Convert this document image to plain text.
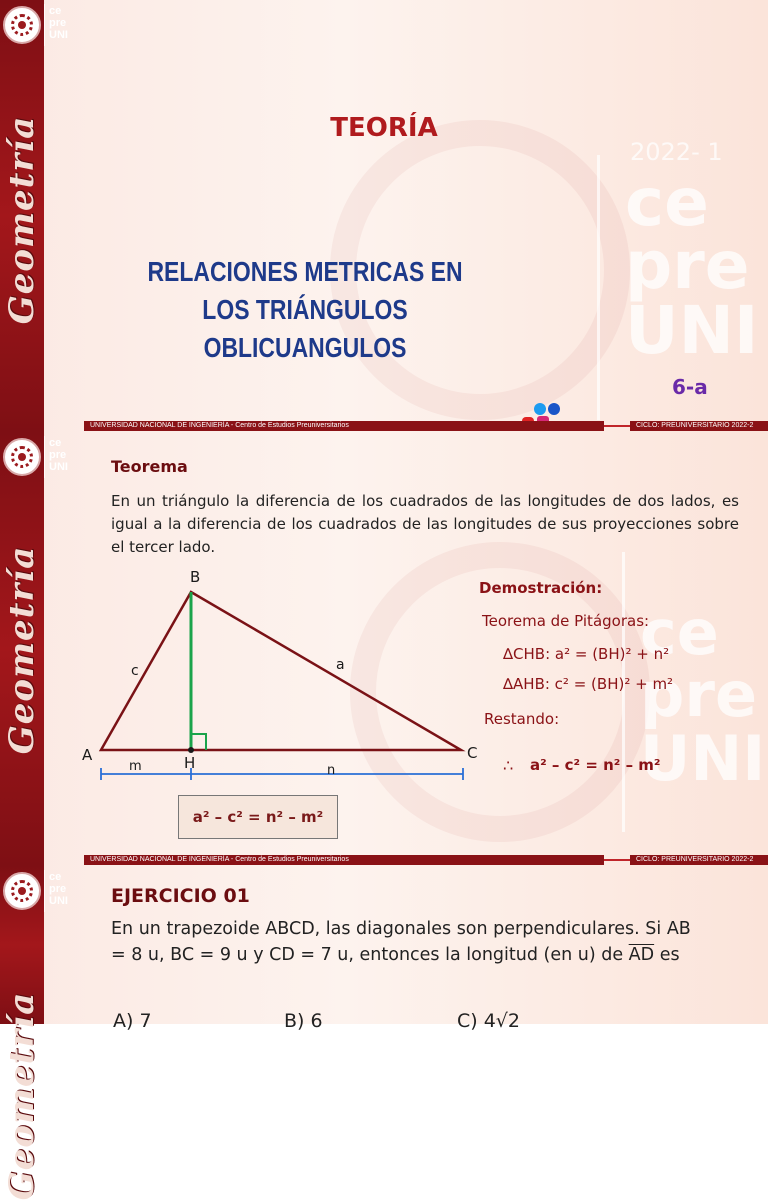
2022- 1
ce
pre
UNI
ce
pre
UNI
Geometría	TEORÍA
RELACIONES METRICAS EN
LOS TRIÁNGULOS
OBLICUANGULOS
6-a
UNIVERSIDAD NACIONAL DE INGENIERÍA - Centro de Estudios Preuniversitarios	CICLO: PREUNIVERSITARIO 2022-2
ce
pre
UNI
ce
pre
UNI
Geometría
Teorema
En un triángulo la diferencia de los cuadrados de las longitudes de dos lados, es igual a la diferencia de los cuadrados de las longitudes de sus proyecciones sobre el tercer lado.
B
A	C
H
c	a
m	n
a² – c² = n² – m²
Demostración:
Teorema de Pitágoras:
∆CHB: a² = (BH)² + n²
∆AHB: c² = (BH)² + m²
Restando:
∴ a² – c² = n² – m²
UNIVERSIDAD NACIONAL DE INGENIERÍA - Centro de Estudios Preuniversitarios	CICLO: PREUNIVERSITARIO 2022-2
ce
pre
UNI
Geometría
EJERCICIO 01
En un trapezoide ABCD, las diagonales son perpendiculares. Si AB
= 8 u, BC = 9 u y CD = 7 u, entonces la longitud (en u) de $\overline{AD}$ es
A) 7	B) 6	C) 4√2
